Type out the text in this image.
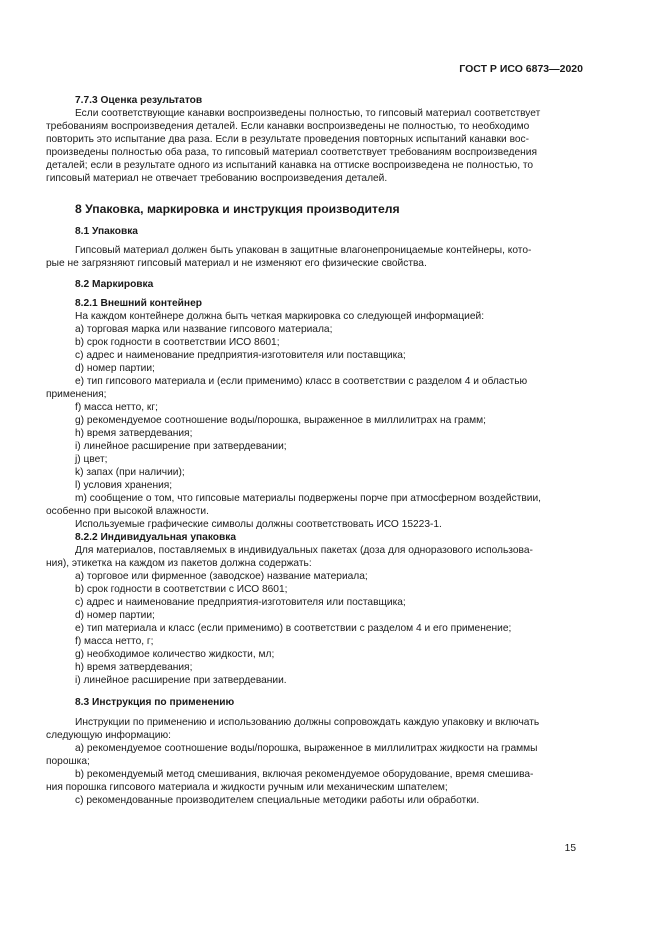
ГОСТ Р ИСО 6873—2020
7.7.3 Оценка результатов
Если соответствующие канавки воспроизведены полностью, то гипсовый материал соответствует
требованиям воспроизведения деталей. Если канавки воспроизведены не полностью, то необходимо
повторить это испытание два раза. Если в результате проведения повторных испытаний канавки вос-
произведены полностью оба раза, то гипсовый материал соответствует требованиям воспроизведения
деталей; если в результате одного из испытаний канавка на оттиске воспроизведена не полностью, то
гипсовый материал не отвечает требованию воспроизведения деталей.
8 Упаковка, маркировка и инструкция производителя
8.1 Упаковка
Гипсовый материал должен быть упакован в защитные влагонепроницаемые контейнеры, кото-
рые не загрязняют гипсовый материал и не изменяют его физические свойства.
8.2 Маркировка
8.2.1 Внешний контейнер
На каждом контейнере должна быть четкая маркировка со следующей информацией:
a) торговая марка или название гипсового материала;
b) срок годности в соответствии ИСО 8601;
c) адрес и наименование предприятия-изготовителя или поставщика;
d) номер партии;
e) тип гипсового материала и (если применимо) класс в соответствии с разделом 4 и областью
применения;
f) масса нетто, кг;
g) рекомендуемое соотношение воды/порошка, выраженное в миллилитрах на грамм;
h) время затвердевания;
i) линейное расширение при затвердевании;
j) цвет;
k) запах (при наличии);
l) условия хранения;
m) сообщение о том, что гипсовые материалы подвержены порче при атмосферном воздействии,
особенно при высокой влажности.
Используемые графические символы должны соответствовать ИСО 15223-1.
8.2.2 Индивидуальная упаковка
Для материалов, поставляемых в индивидуальных пакетах (доза для одноразового использова-
ния), этикетка на каждом из пакетов должна содержать:
a) торговое или фирменное (заводское) название материала;
b) срок годности в соответствии с ИСО 8601;
c) адрес и наименование предприятия-изготовителя или поставщика;
d) номер партии;
e) тип материала и класс (если применимо) в соответствии с разделом 4 и его применение;
f) масса нетто, г;
g) необходимое количество жидкости, мл;
h) время затвердевания;
i) линейное расширение при затвердевании.
8.3 Инструкция по применению
Инструкции по применению и использованию должны сопровождать каждую упаковку и включать
следующую информацию:
a) рекомендуемое соотношение воды/порошка, выраженное в миллилитрах жидкости на граммы
порошка;
b) рекомендуемый метод смешивания, включая рекомендуемое оборудование, время смешива-
ния порошка гипсового материала и жидкости ручным или механическим шпателем;
c) рекомендованные производителем специальные методики работы или обработки.
15
